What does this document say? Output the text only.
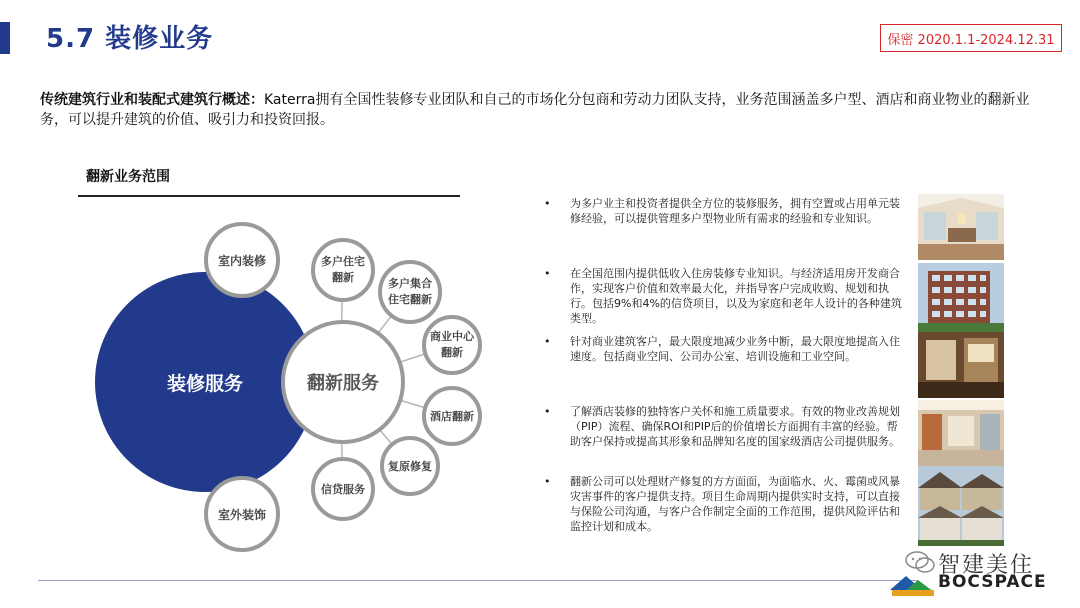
5.7 装修业务	保密 2020.1.1-2024.12.31
传统建筑行业和装配式建筑行概述：Katerra拥有全国性装修专业团队和自己的市场化分包商和劳动力团队支持，业务范围涵盖多户型、酒店和商业物业的翻新业务，可以提升建筑的价值、吸引力和投资回报。
翻新业务范围
装修服务	翻新服务
室内装修
室外装饰
多户住宅翻新	多户集合住宅翻新
商业中心翻新
酒店翻新
复原修复
信贷服务
• 为多户业主和投资者提供全方位的装修服务，拥有空置或占用单元装修经验，可以提供管理多户型物业所有需求的经验和专业知识。
• 在全国范围内提供低收入住房装修专业知识。与经济适用房开发商合作，实现客户价值和效率最大化，并指导客户完成收购、规划和执行。包括9%和4%的信贷项目，以及为家庭和老年人设计的各种建筑类型。
• 针对商业建筑客户，最大限度地减少业务中断，最大限度地提高入住速度。包括商业空间、公司办公室、培训设施和工业空间。
• 了解酒店装修的独特客户关怀和施工质量要求。有效的物业改善规划（PIP）流程、确保ROI和PIP后的价值增长方面拥有丰富的经验。帮助客户保持或提高其形象和品牌知名度的国家级酒店公司提供服务。
• 翻新公司可以处理财产修复的方方面面，为面临水、火、霉菌或风暴灾害事件的客户提供支持。项目生命周期内提供实时支持，可以直接与保险公司沟通，与客户合作制定全面的工作范围，提供风险评估和监控计划和成本。
智建美住
BOCSPACE
